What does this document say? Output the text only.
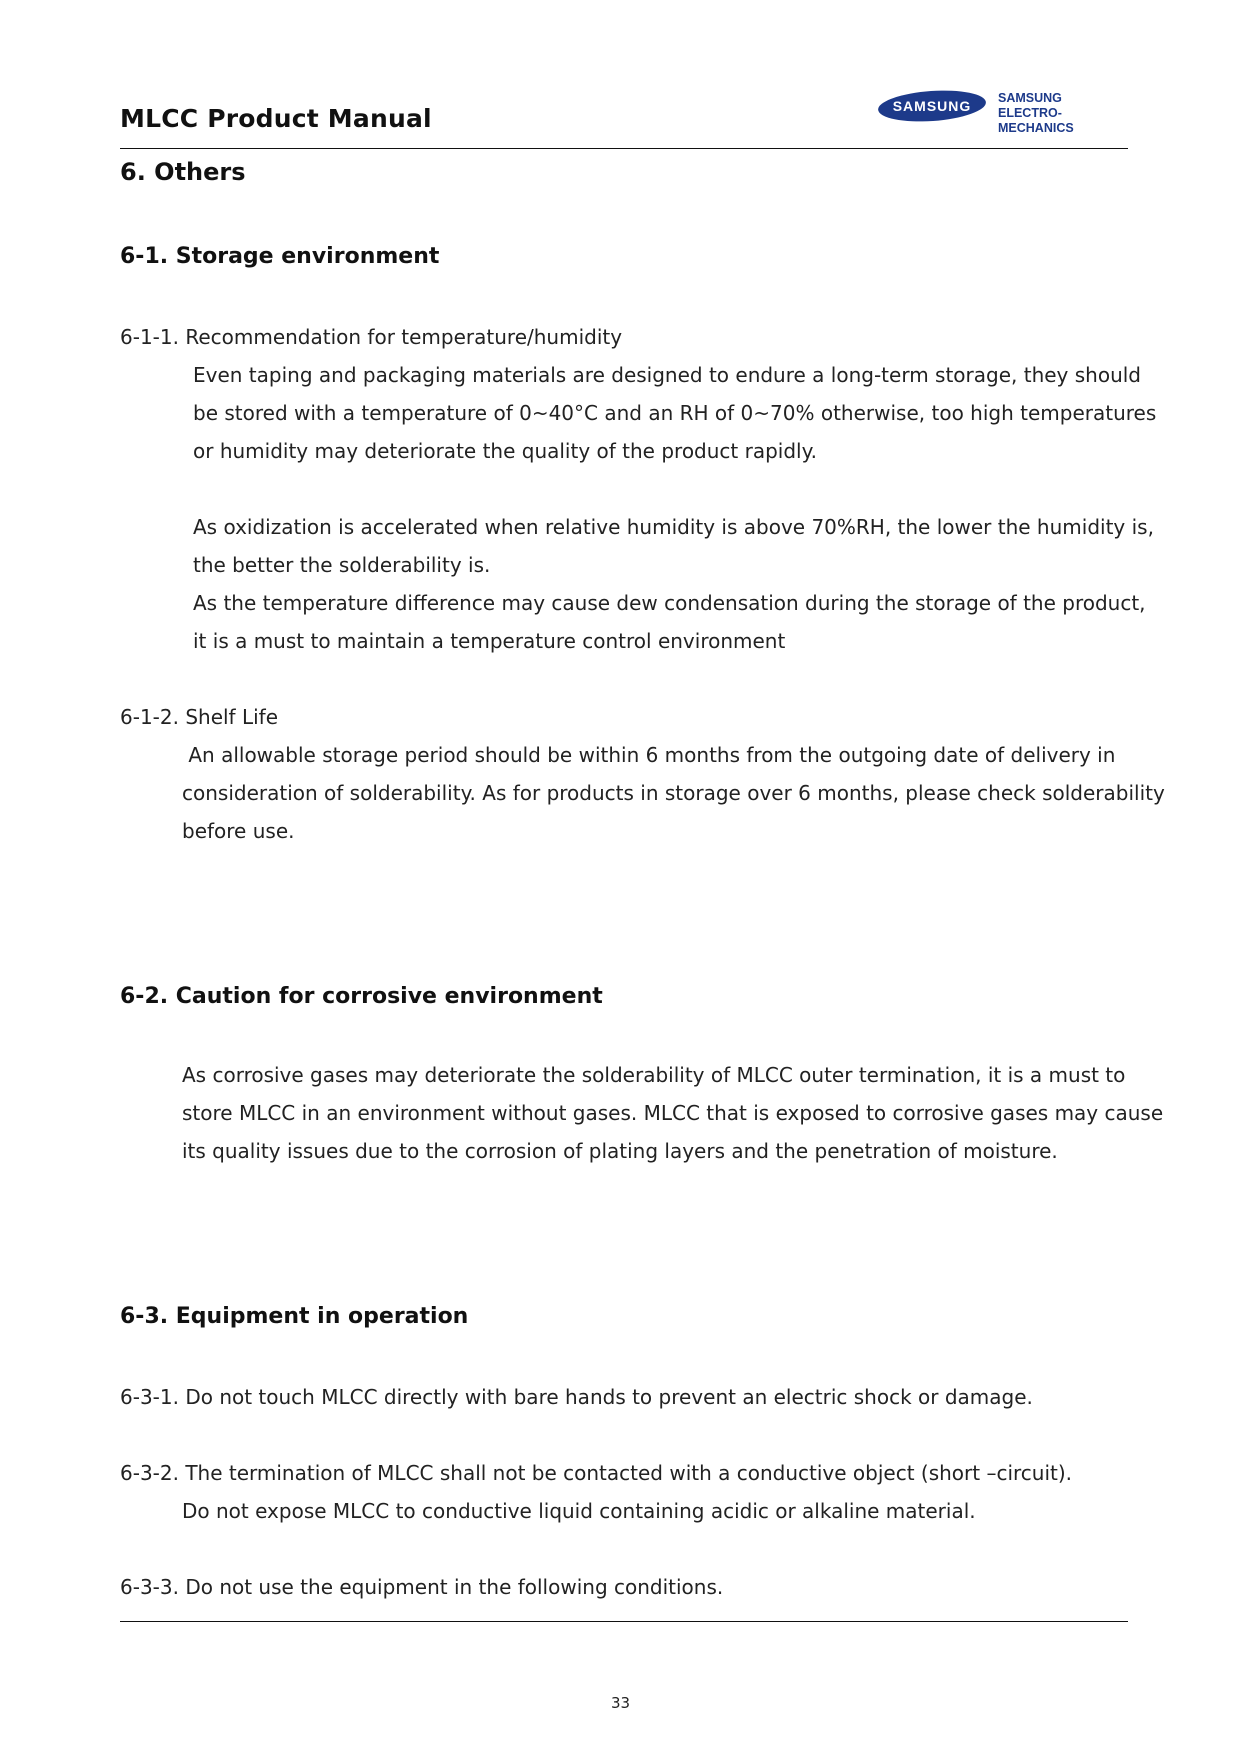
MLCC Product Manual	SAMSUNG SAMSUNG
ELECTRO-MECHANICS
6. Others
6-1. Storage environment
6-1-1. Recommendation for temperature/humidity
Even taping and packaging materials are designed to endure a long-term storage, they should
be stored with a temperature of 0~40°C and an RH of 0~70% otherwise, too high temperatures
or humidity may deteriorate the quality of the product rapidly.
As oxidization is accelerated when relative humidity is above 70%RH, the lower the humidity is,
the better the solderability is.
As the temperature difference may cause dew condensation during the storage of the product,
it is a must to maintain a temperature control environment
6-1-2. Shelf Life
An allowable storage period should be within 6 months from the outgoing date of delivery in
consideration of solderability. As for products in storage over 6 months, please check solderability
before use.
6-2. Caution for corrosive environment
As corrosive gases may deteriorate the solderability of MLCC outer termination, it is a must to
store MLCC in an environment without gases. MLCC that is exposed to corrosive gases may cause
its quality issues due to the corrosion of plating layers and the penetration of moisture.
6-3. Equipment in operation
6-3-1. Do not touch MLCC directly with bare hands to prevent an electric shock or damage.
6-3-2. The termination of MLCC shall not be contacted with a conductive object (short –circuit).
Do not expose MLCC to conductive liquid containing acidic or alkaline material.
6-3-3. Do not use the equipment in the following conditions.
33
